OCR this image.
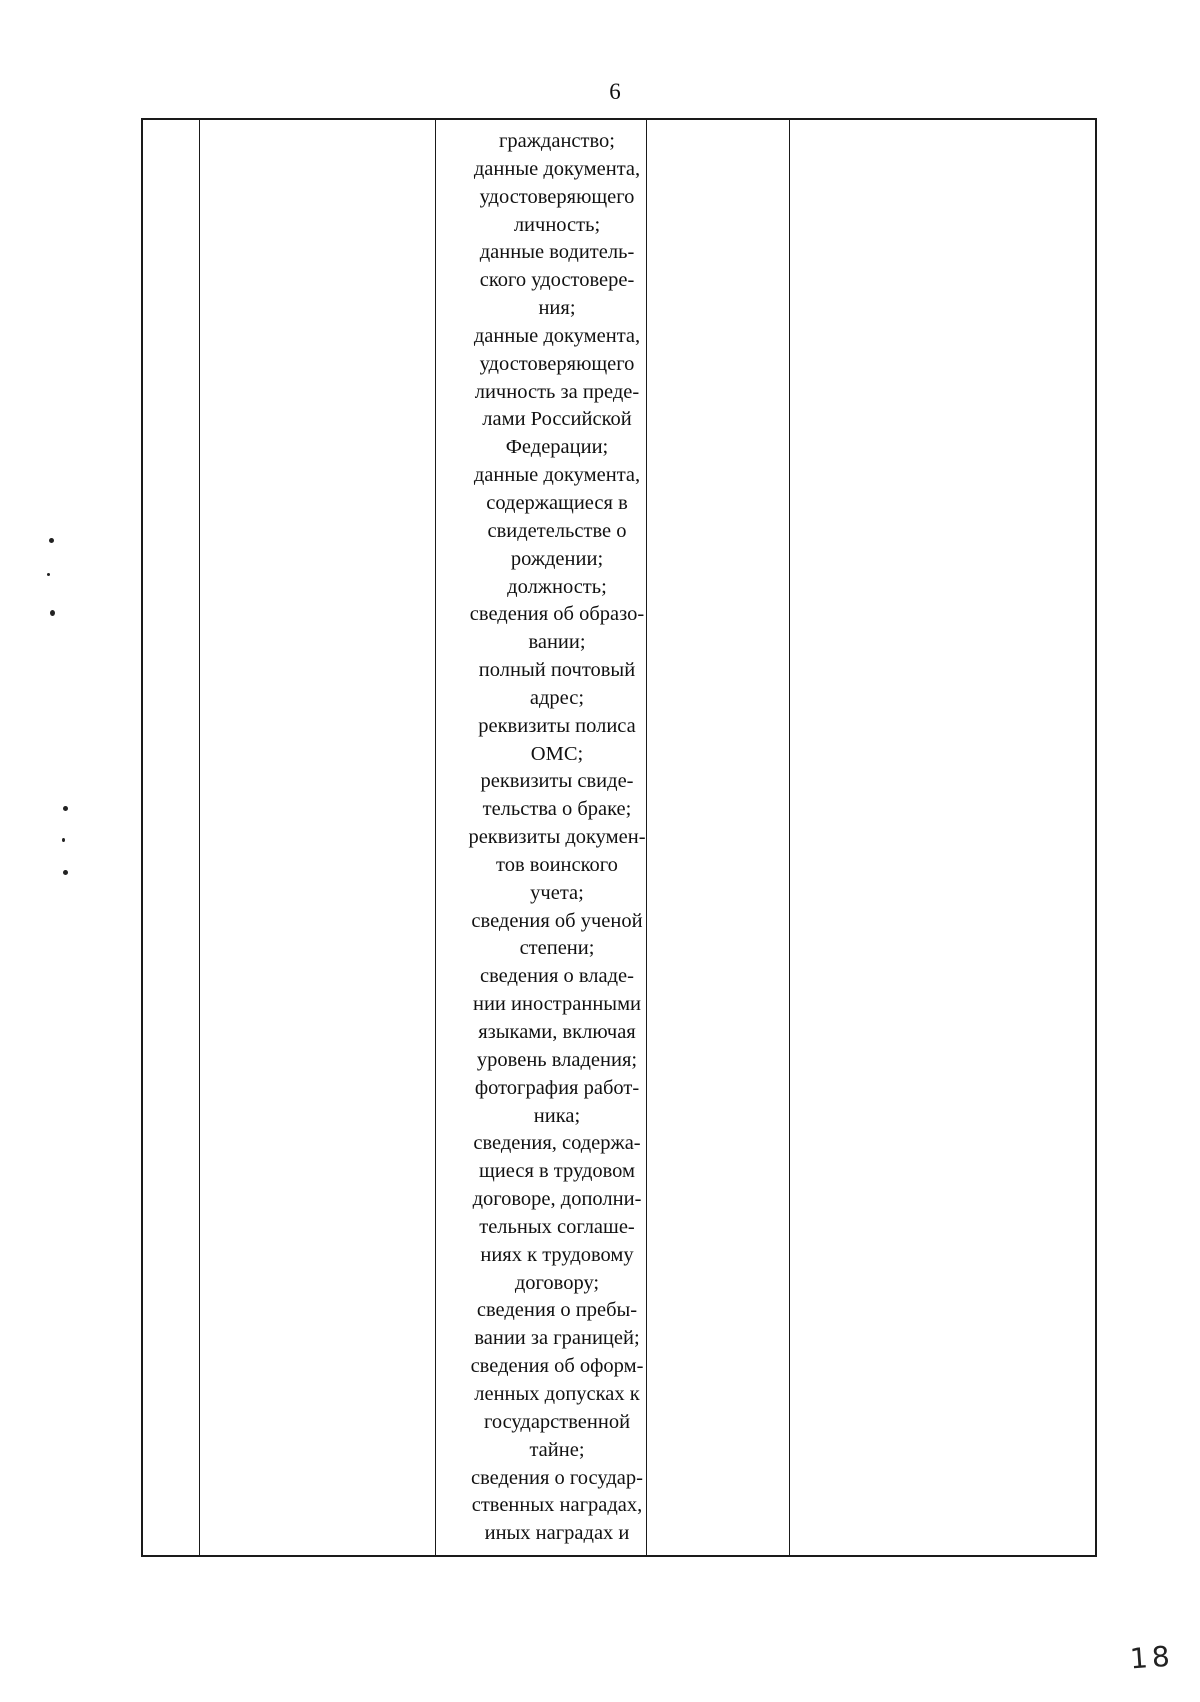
6
гражданство;
данные документа,
удостоверяющего
личность;
данные водитель-
ского удостовере-
ния;
данные документа,
удостоверяющего
личность за преде-
лами Российской
Федерации;
данные документа,
содержащиеся в
свидетельстве о
рождении;
должность;
сведения об образо-
вании;
полный почтовый
адрес;
реквизиты полиса
ОМС;
реквизиты свиде-
тельства о браке;
реквизиты докумен-
тов воинского
учета;
сведения об ученой
степени;
сведения о владе-
нии иностранными
языками, включая
уровень владения;
фотография работ-
ника;
сведения, содержа-
щиеся в трудовом
договоре, дополни-
тельных соглаше-
ниях к трудовому
договору;
сведения о пребы-
вании за границей;
сведения об оформ-
ленных допусках к
государственной
тайне;
сведения о государ-
ственных наградах,
иных наградах и
18
